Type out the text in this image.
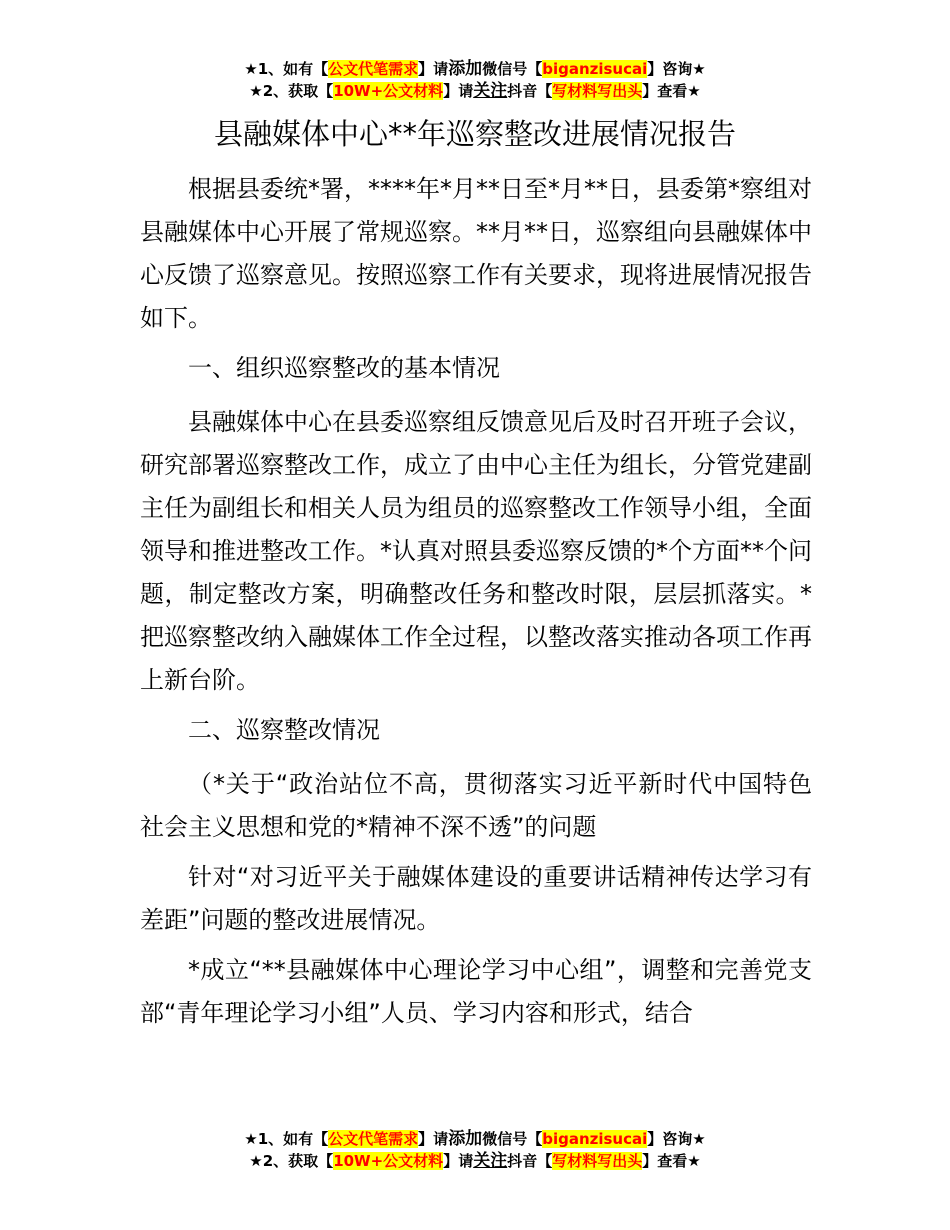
★1、如有【公文代笔需求】请添加微信号【biganzisucai】咨询★
★2、获取【10W+公文材料】请关注抖音【写材料写出头】查看★
县融媒体中心**年巡察整改进展情况报告

根据县委统*署，****年*月**日至*月**日，县委第*察组对县融媒体中心开展了常规巡察。**月**日，巡察组向县融媒体中心反馈了巡察意见。按照巡察工作有关要求，现将进展情况报告如下。

一、组织巡察整改的基本情况

县融媒体中心在县委巡察组反馈意见后及时召开班子会议，研究部署巡察整改工作，成立了由中心主任为组长，分管党建副主任为副组长和相关人员为组员的巡察整改工作领导小组，全面领导和推进整改工作。*认真对照县委巡察反馈的*个方面**个问题，制定整改方案，明确整改任务和整改时限，层层抓落实。*把巡察整改纳入融媒体工作全过程，以整改落实推动各项工作再上新台阶。

二、巡察整改情况

（*关于“政治站位不高，贯彻落实习近平新时代中国特色社会主义思想和党的*精神不深不透”的问题

针对“对习近平关于融媒体建设的重要讲话精神传达学习有差距”问题的整改进展情况。

*成立“**县融媒体中心理论学习中心组”，调整和完善党支部“青年理论学习小组”人员、学习内容和形式，结合

★1、如有【公文代笔需求】请添加微信号【biganzisucai】咨询★
★2、获取【10W+公文材料】请关注抖音【写材料写出头】查看★
